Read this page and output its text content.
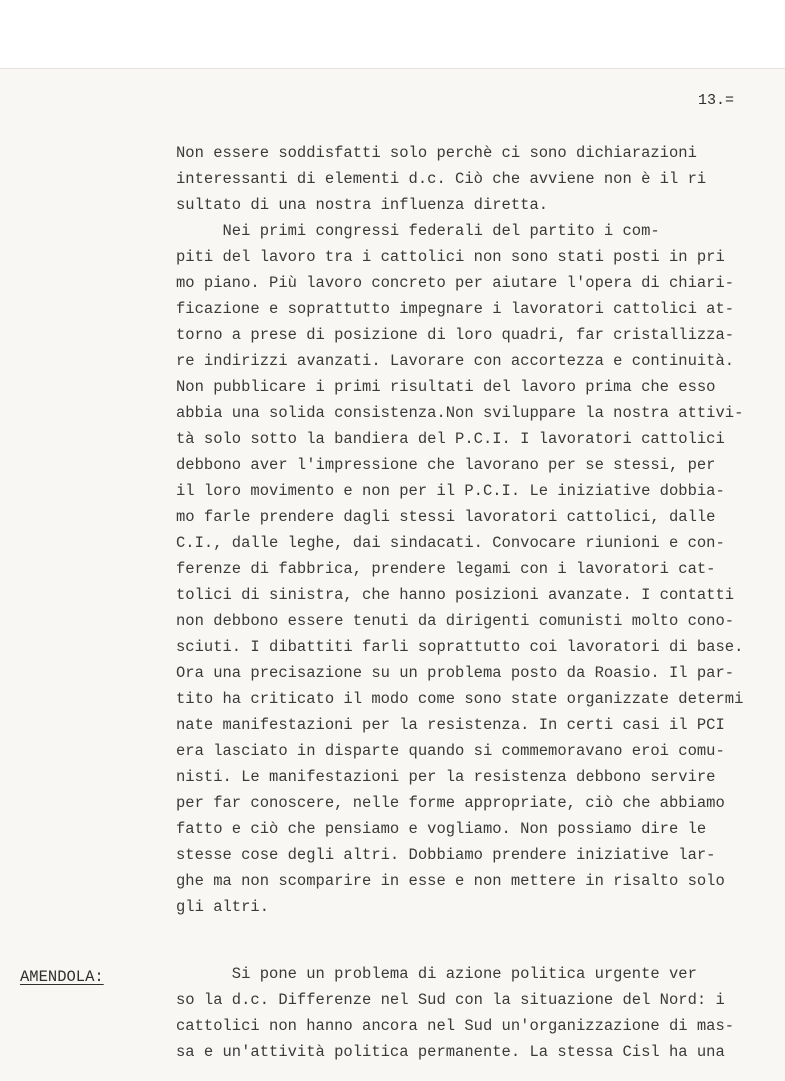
13.=
Non essere soddisfatti solo perchè ci sono dichiarazioni
interessanti di elementi d.c. Ciò che avviene non è il ri
sultato di una nostra influenza diretta.
Nei primi congressi federali del partito i com-
piti del lavoro tra i cattolici non sono stati posti in pri
mo piano. Più lavoro concreto per aiutare l'opera di chiari-
ficazione e soprattutto impegnare i lavoratori cattolici at-
torno a prese di posizione di loro quadri, far cristallizza-
re indirizzi avanzati. Lavorare con accortezza e continuità.
Non pubblicare i primi risultati del lavoro prima che esso
abbia una solida consistenza.Non sviluppare la nostra attivi-
tà solo sotto la bandiera del P.C.I. I lavoratori cattolici
debbono aver l'impressione che lavorano per se stessi, per
il loro movimento e non per il P.C.I. Le iniziative dobbia-
mo farle prendere dagli stessi lavoratori cattolici, dalle
C.I., dalle leghe, dai sindacati. Convocare riunioni e con-
ferenze di fabbrica, prendere legami con i lavoratori cat-
tolici di sinistra, che hanno posizioni avanzate. I contatti
non debbono essere tenuti da dirigenti comunisti molto cono-
sciuti. I dibattiti farli soprattutto coi lavoratori di base.
Ora una precisazione su un problema posto da Roasio. Il par-
tito ha criticato il modo come sono state organizzate determi
nate manifestazioni per la resistenza. In certi casi il PCI
era lasciato in disparte quando si commemoravano eroi comu-
nisti. Le manifestazioni per la resistenza debbono servire
per far conoscere, nelle forme appropriate, ciò che abbiamo
fatto e ciò che pensiamo e vogliamo. Non possiamo dire le
stesse cose degli altri. Dobbiamo prendere iniziative lar-
ghe ma non scomparire in esse e non mettere in risalto solo
gli altri.
AMENDOLA:	Si pone un problema di azione politica urgente ver
so la d.c. Differenze nel Sud con la situazione del Nord: i
cattolici non hanno ancora nel Sud un'organizzazione di mas-
sa e un'attività politica permanente. La stessa Cisl ha una
